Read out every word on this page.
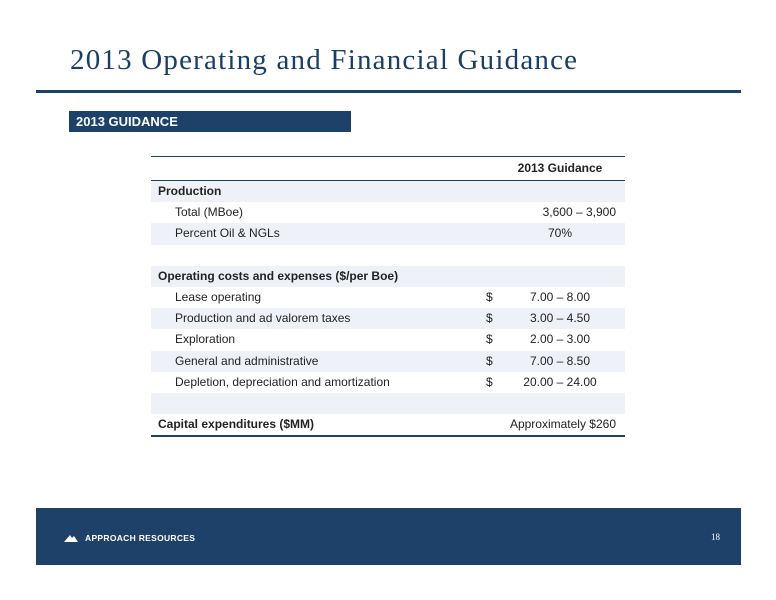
2013 Operating and Financial Guidance
2013 GUIDANCE
2013 Guidance
Production
Total (MBoe)	3,600 – 3,900
Percent Oil & NGLs	70%
Operating costs and expenses ($/per Boe)
Lease operating	$	7.00 – 8.00
Production and ad valorem taxes	$	3.00 – 4.50
Exploration	$	2.00 – 3.00
General and administrative	$	7.00 – 8.50
Depletion, depreciation and amortization	$	20.00 – 24.00
Capital expenditures ($MM)	Approximately $260
APPROACH RESOURCES	18
